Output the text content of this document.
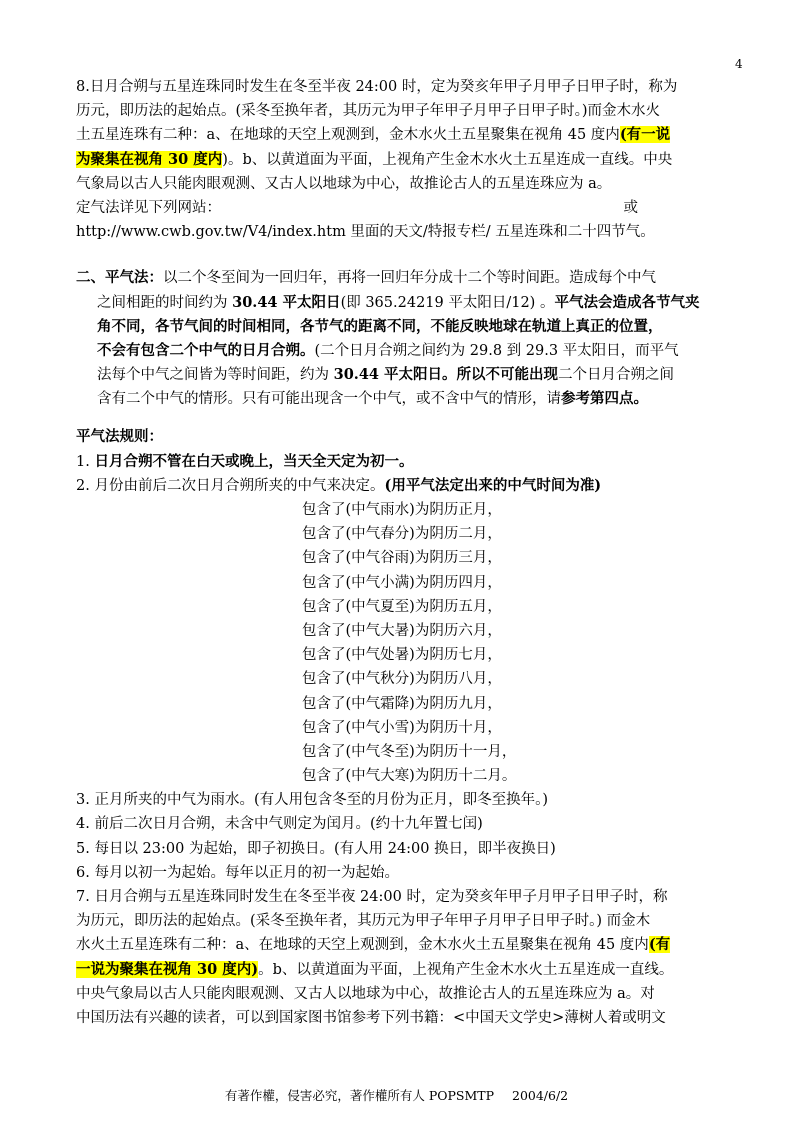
4
8.日月合朔与五星连珠同时发生在冬至半夜 24:00 时，定为癸亥年甲子月甲子日甲子时，称为
历元，即历法的起始点。(采冬至换年者，其历元为甲子年甲子月甲子日甲子时。)而金木水火
土五星连珠有二种：a、在地球的天空上观测到，金木水火土五星聚集在视角 45 度内(有一说
为聚集在视角 30 度内)。b、以黄道面为平面，上视角产生金木水火土五星连成一直线。中央
气象局以古人只能肉眼观测、又古人以地球为中心，故推论古人的五星连珠应为 a。
定气法详见下列网站：	或
http://www.cwb.gov.tw/V4/index.htm 里面的天文/特报专栏/ 五星连珠和二十四节气。
二、平气法：以二个冬至间为一回归年，再将一回归年分成十二个等时间距。造成每个中气
之间相距的时间约为 30.44 平太阳日(即 365.24219 平太阳日/12) 。平气法会造成各节气夹
角不同，各节气间的时间相同，各节气的距离不同，不能反映地球在轨道上真正的位置，
不会有包含二个中气的日月合朔。(二个日月合朔之间约为 29.8 到 29.3 平太阳日，而平气
法每个中气之间皆为等时间距，约为 30.44 平太阳日。所以不可能出现二个日月合朔之间
含有二个中气的情形。只有可能出现含一个中气，或不含中气的情形，请参考第四点。
平气法规则：
1. 日月合朔不管在白天或晚上，当天全天定为初一。
2. 月份由前后二次日月合朔所夹的中气来决定。(用平气法定出来的中气时间为准)
包含了(中气雨水)为阴历正月，
包含了(中气春分)为阴历二月，
包含了(中气谷雨)为阴历三月，
包含了(中气小满)为阴历四月，
包含了(中气夏至)为阴历五月，
包含了(中气大暑)为阴历六月，
包含了(中气处暑)为阴历七月，
包含了(中气秋分)为阴历八月，
包含了(中气霜降)为阴历九月，
包含了(中气小雪)为阴历十月，
包含了(中气冬至)为阴历十一月，
包含了(中气大寒)为阴历十二月。
3. 正月所夹的中气为雨水。(有人用包含冬至的月份为正月，即冬至换年。)
4. 前后二次日月合朔，未含中气则定为闰月。(约十九年置七闰)
5. 每日以 23:00 为起始，即子初换日。(有人用 24:00 换日，即半夜换日)
6. 每月以初一为起始。每年以正月的初一为起始。
7. 日月合朔与五星连珠同时发生在冬至半夜 24:00 时，定为癸亥年甲子月甲子日甲子时，称
为历元，即历法的起始点。(采冬至换年者，其历元为甲子年甲子月甲子日甲子时。) 而金木
水火土五星连珠有二种：a、在地球的天空上观测到，金木水火土五星聚集在视角 45 度内(有
一说为聚集在视角 30 度内)。b、以黄道面为平面，上视角产生金木水火土五星连成一直线。
中央气象局以古人只能肉眼观测、又古人以地球为中心，故推论古人的五星连珠应为 a。对
中国历法有兴趣的读者，可以到国家图书馆参考下列书籍：<中国天文学史>薄树人着或明文
有著作權，侵害必究，著作權所有人 POPSMTP 2004/6/2
